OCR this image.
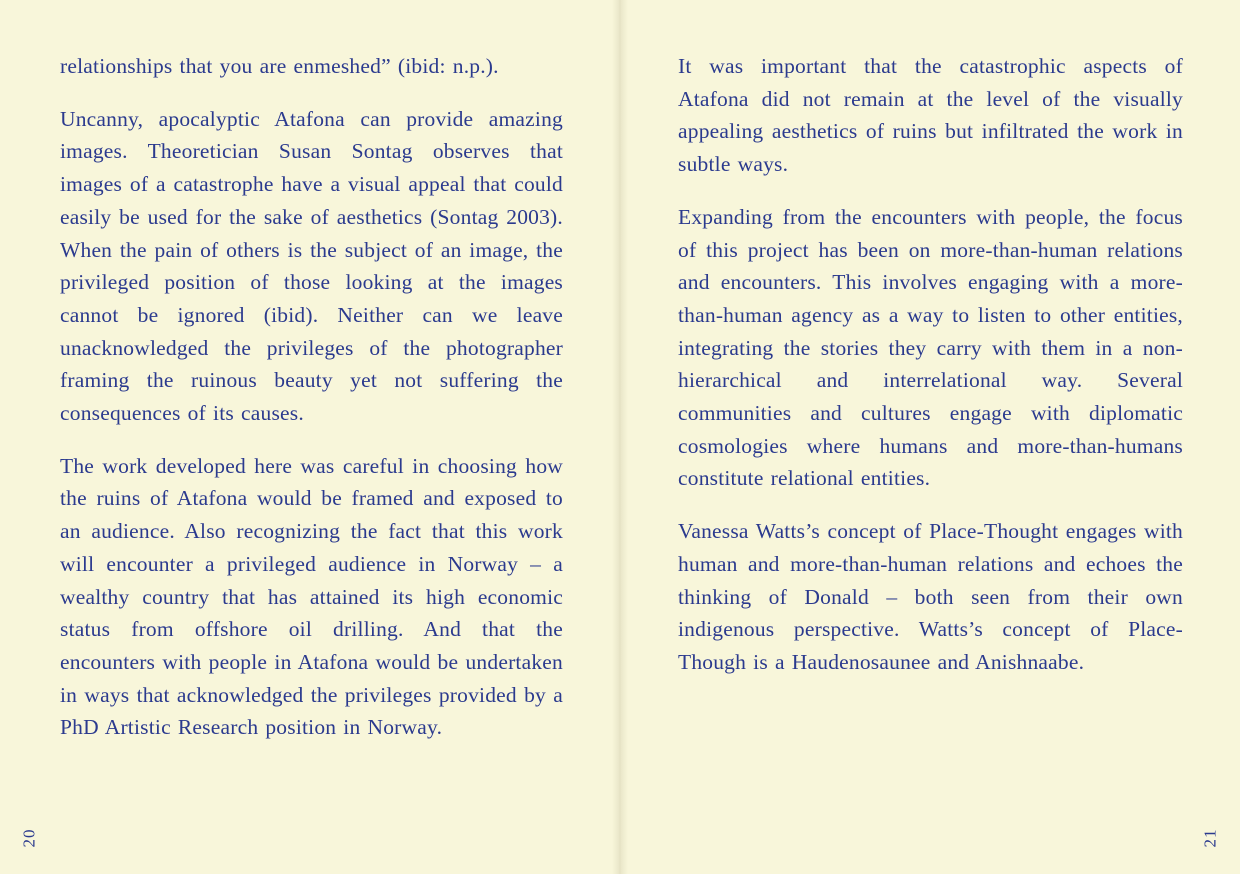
relationships that you are enmeshed” (ibid: n.p.).

Uncanny, apocalyptic Atafona can provide amazing images. Theoretician Susan Sontag observes that images of a catastrophe have a visual appeal that could easily be used for the sake of aesthetics (Sontag 2003). When the pain of others is the subject of an image, the privileged position of those looking at the images cannot be ignored (ibid). Neither can we leave unacknowledged the privileges of the photographer framing the ruinous beauty yet not suffering the consequences of its causes.

The work developed here was careful in choosing how the ruins of Atafona would be framed and exposed to an audience. Also recognizing the fact that this work will encounter a privileged audience in Norway – a wealthy country that has attained its high economic status from offshore oil drilling. And that the encounters with people in Atafona would be undertaken in ways that acknowledged the privileges provided by a PhD Artistic Research position in Norway.

20

It was important that the catastrophic aspects of Atafona did not remain at the level of the visually appealing aesthetics of ruins but infiltrated the work in subtle ways.

Expanding from the encounters with people, the focus of this project has been on more-than-human relations and encounters. This involves engaging with a more-than-human agency as a way to listen to other entities, integrating the stories they carry with them in a non-hierarchical and interrelational way. Several communities and cultures engage with diplomatic cosmologies where humans and more-than-humans constitute relational entities.

Vanessa Watts’s concept of Place-Thought engages with human and more-than-human relations and echoes the thinking of Donald – both seen from their own indigenous perspective. Watts’s concept of Place-Though is a Haudenosaunee and Anishnaabe.

21
